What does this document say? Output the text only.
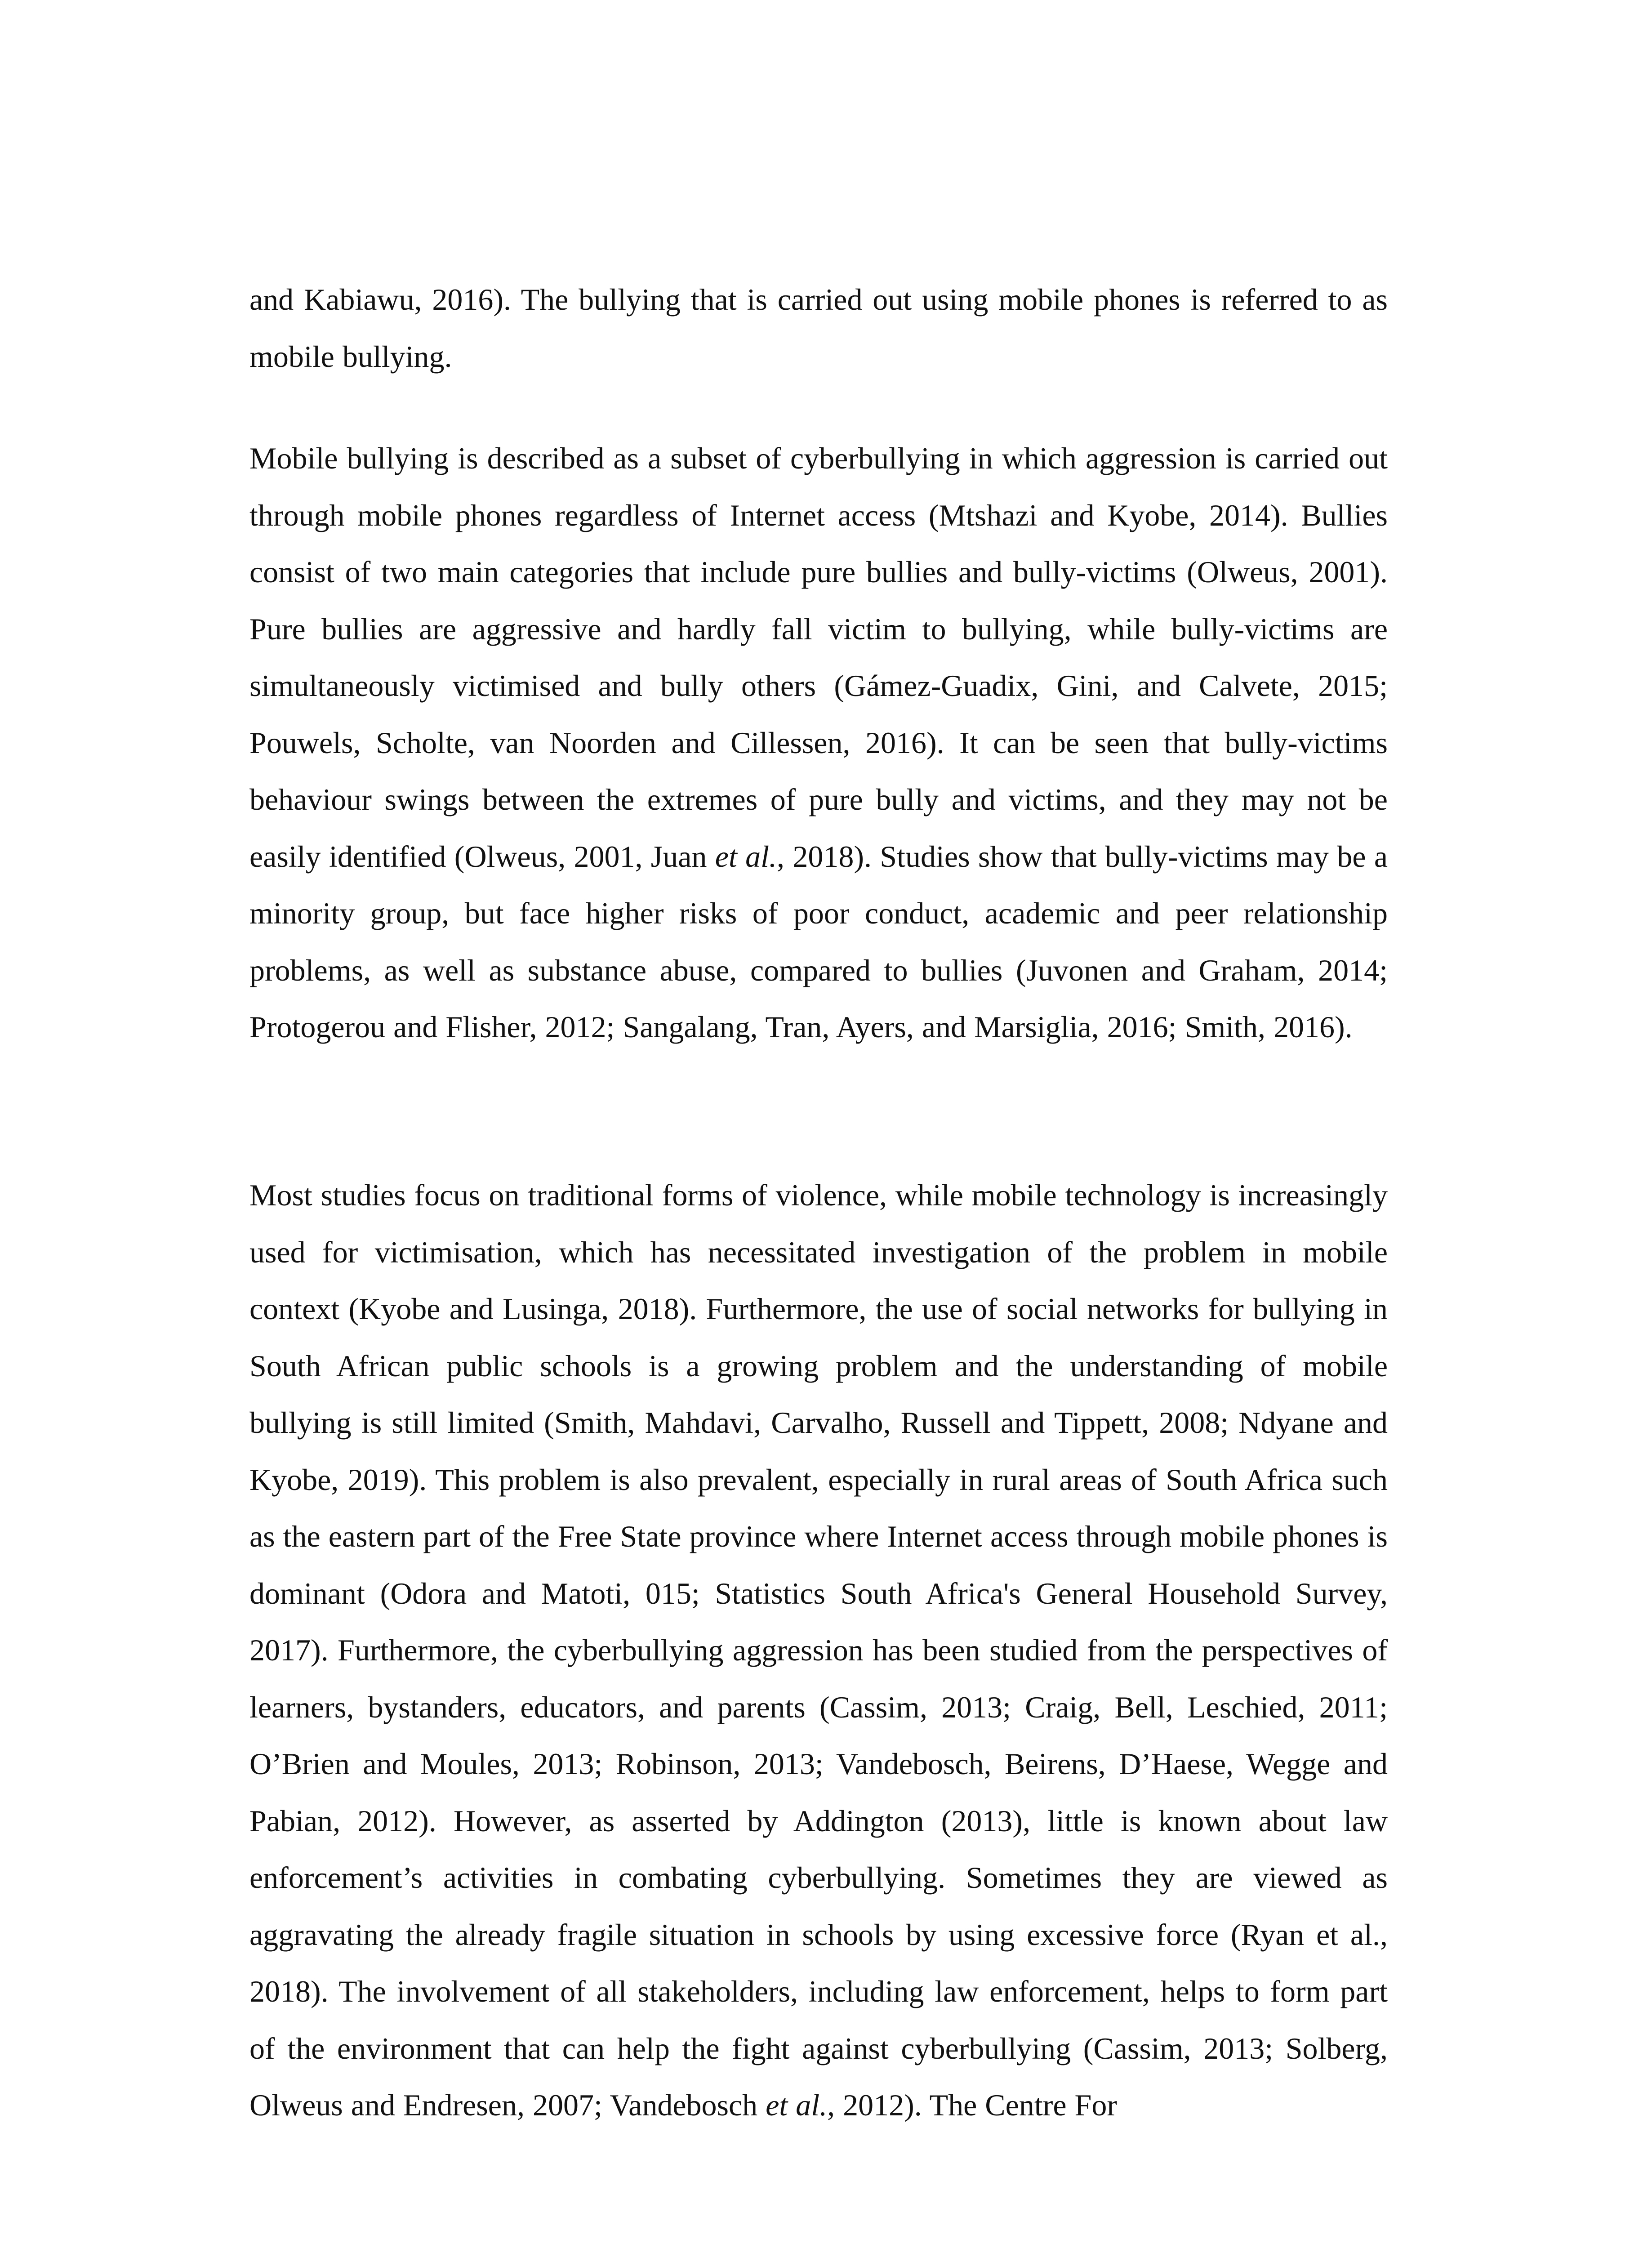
and Kabiawu, 2016). The bullying that is carried out using mobile phones is referred to as mobile bullying.

Mobile bullying is described as a subset of cyberbullying in which aggression is carried out through mobile phones regardless of Internet access (Mtshazi and Kyobe, 2014). Bullies consist of two main categories that include pure bullies and bully-victims (Olweus, 2001). Pure bullies are aggressive and hardly fall victim to bullying, while bully-victims are simultaneously victimised and bully others (Gámez-Guadix, Gini, and Calvete, 2015; Pouwels, Scholte, van Noorden and Cillessen, 2016). It can be seen that bully-victims behaviour swings between the extremes of pure bully and victims, and they may not be easily identified (Olweus, 2001, Juan et al., 2018). Studies show that bully-victims may be a minority group, but face higher risks of poor conduct, academic and peer relationship problems, as well as substance abuse, compared to bullies (Juvonen and Graham, 2014; Protogerou and Flisher, 2012; Sangalang, Tran, Ayers, and Marsiglia, 2016; Smith, 2016).

Most studies focus on traditional forms of violence, while mobile technology is increasingly used for victimisation, which has necessitated investigation of the problem in mobile context (Kyobe and Lusinga, 2018). Furthermore, the use of social networks for bullying in South African public schools is a growing problem and the understanding of mobile bullying is still limited (Smith, Mahdavi, Carvalho, Russell and Tippett, 2008; Ndyane and Kyobe, 2019). This problem is also prevalent, especially in rural areas of South Africa such as the eastern part of the Free State province where Internet access through mobile phones is dominant (Odora and Matoti, 015; Statistics South Africa's General Household Survey, 2017). Furthermore, the cyberbullying aggression has been studied from the perspectives of learners, bystanders, educators, and parents (Cassim, 2013; Craig, Bell, Leschied, 2011; O’Brien and Moules, 2013; Robinson, 2013; Vandebosch, Beirens, D’Haese, Wegge and Pabian, 2012). However, as asserted by Addington (2013), little is known about law enforcement’s activities in combating cyberbullying. Sometimes they are viewed as aggravating the already fragile situation in schools by using excessive force (Ryan et al., 2018). The involvement of all stakeholders, including law enforcement, helps to form part of the environment that can help the fight against cyberbullying (Cassim, 2013; Solberg, Olweus and Endresen, 2007; Vandebosch et al., 2012). The Centre For
